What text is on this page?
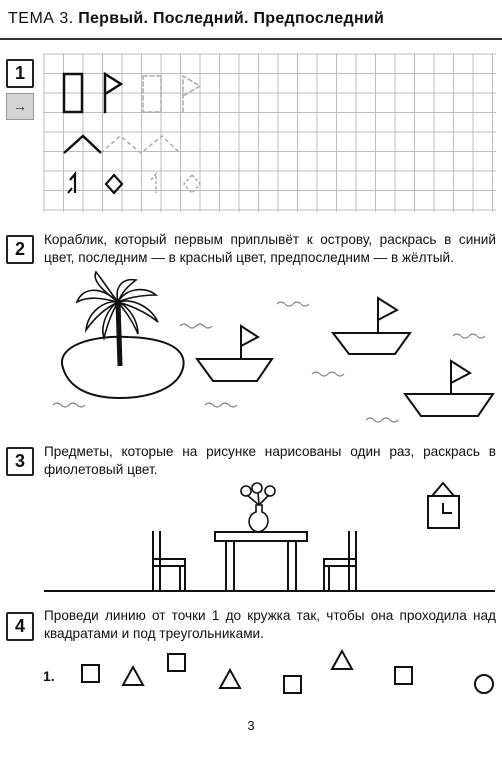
ТЕМА 3. Первый. Последний. Предпоследний
1
→
2	Кораблик, который первым приплывёт к острову, раскрась в синий цвет, последним — в красный цвет, предпоследним — в жёлтый.
3	Предметы, которые на рисунке нарисованы один раз, раскрась в фиолетовый цвет.
4
Проведи линию от точки 1 до кружка так, чтобы она проходила над квадратами и под треугольниками.
1.
3
